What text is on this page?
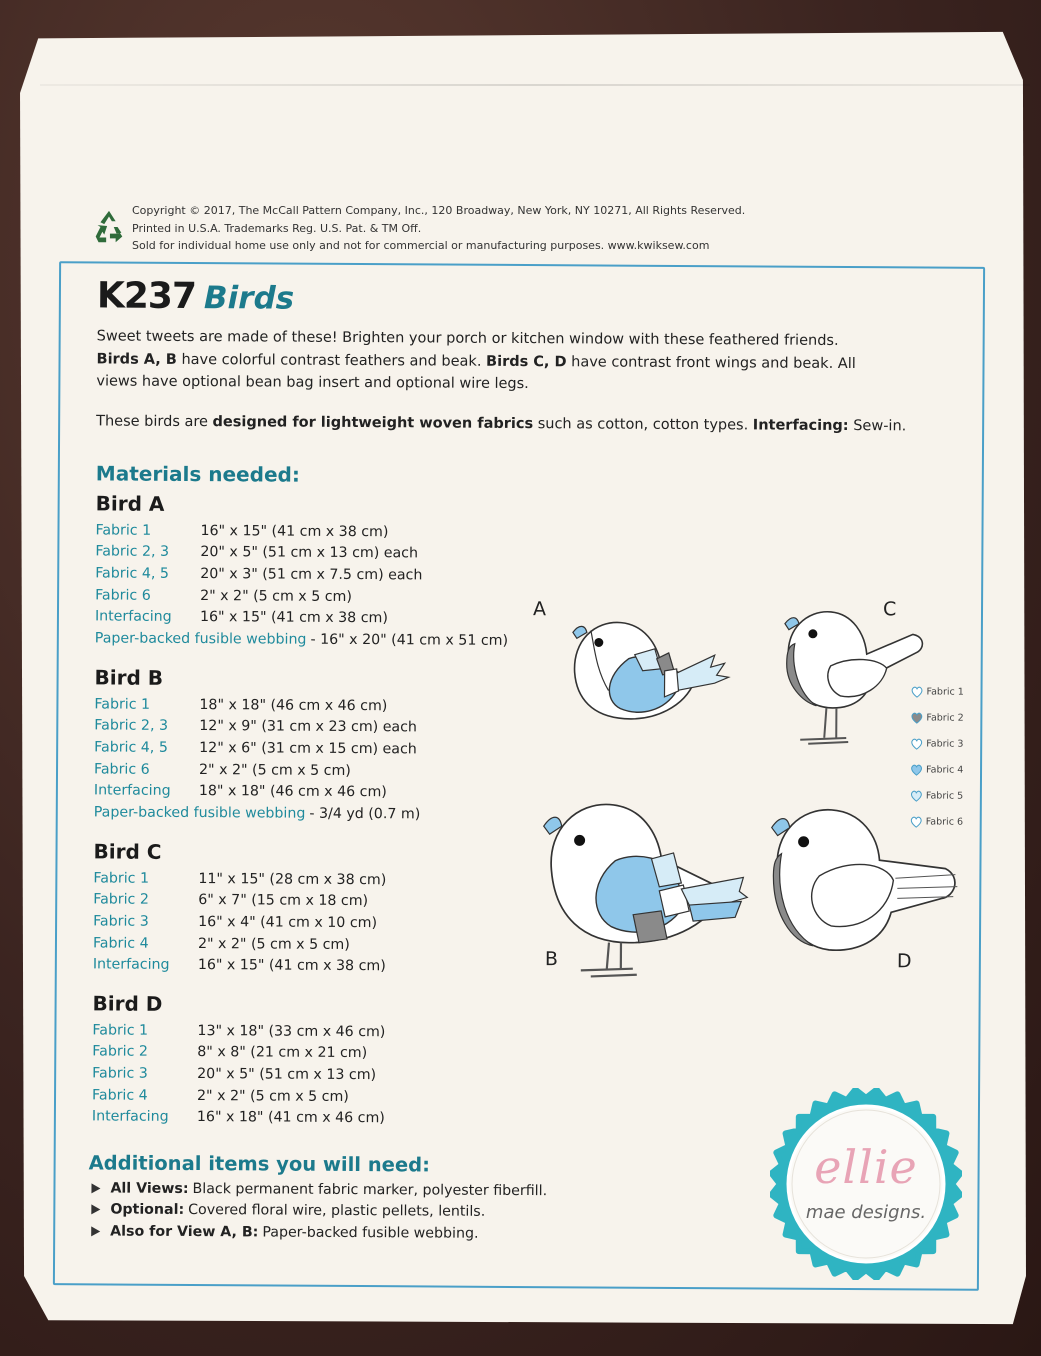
Copyright © 2017, The McCall Pattern Company, Inc., 120 Broadway, New York, NY 10271, All Rights Reserved.
Printed in U.S.A. Trademarks Reg. U.S. Pat. & TM Off.
Sold for individual home use only and not for commercial or manufacturing purposes. www.kwiksew.com
K237 Birds
Sweet tweets are made of these! Brighten your porch or kitchen window with these feathered friends. Birds A, B have colorful contrast feathers and beak. Birds C, D have contrast front wings and beak. All views have optional bean bag insert and optional wire legs.
These birds are designed for lightweight woven fabrics such as cotton, cotton types. Interfacing: Sew-in.
Materials needed:
Bird A
Fabric 1	16" x 15" (41 cm x 38 cm)
Fabric 2, 3	20" x 5" (51 cm x 13 cm) each
Fabric 4, 5	20" x 3" (51 cm x 7.5 cm) each
Fabric 6	2" x 2" (5 cm x 5 cm)
Interfacing	16" x 15" (41 cm x 38 cm)
Paper-backed fusible webbing - 16" x 20" (41 cm x 51 cm)
Bird B
Fabric 1	18" x 18" (46 cm x 46 cm)
Fabric 2, 3	12" x 9" (31 cm x 23 cm) each
Fabric 4, 5	12" x 6" (31 cm x 15 cm) each
Fabric 6	2" x 2" (5 cm x 5 cm)
Interfacing	18" x 18" (46 cm x 46 cm)
Paper-backed fusible webbing - 3/4 yd (0.7 m)
Bird C
Fabric 1	11" x 15" (28 cm x 38 cm)
Fabric 2	6" x 7" (15 cm x 18 cm)
Fabric 3	16" x 4" (41 cm x 10 cm)
Fabric 4	2" x 2" (5 cm x 5 cm)
Interfacing	16" x 15" (41 cm x 38 cm)
Bird D
Fabric 1	13" x 18" (33 cm x 46 cm)
Fabric 2	8" x 8" (21 cm x 21 cm)
Fabric 3	20" x 5" (51 cm x 13 cm)
Fabric 4	2" x 2" (5 cm x 5 cm)
Interfacing	16" x 18" (41 cm x 46 cm)
Additional items you will need:
All Views: Black permanent fabric marker, polyester fiberfill.
Optional: Covered floral wire, plastic pellets, lentils.
Also for View A, B: Paper-backed fusible webbing.
A	C
B	D
Fabric 1
Fabric 2
Fabric 3
Fabric 4
Fabric 5
Fabric 6
ellie
mae designs.
